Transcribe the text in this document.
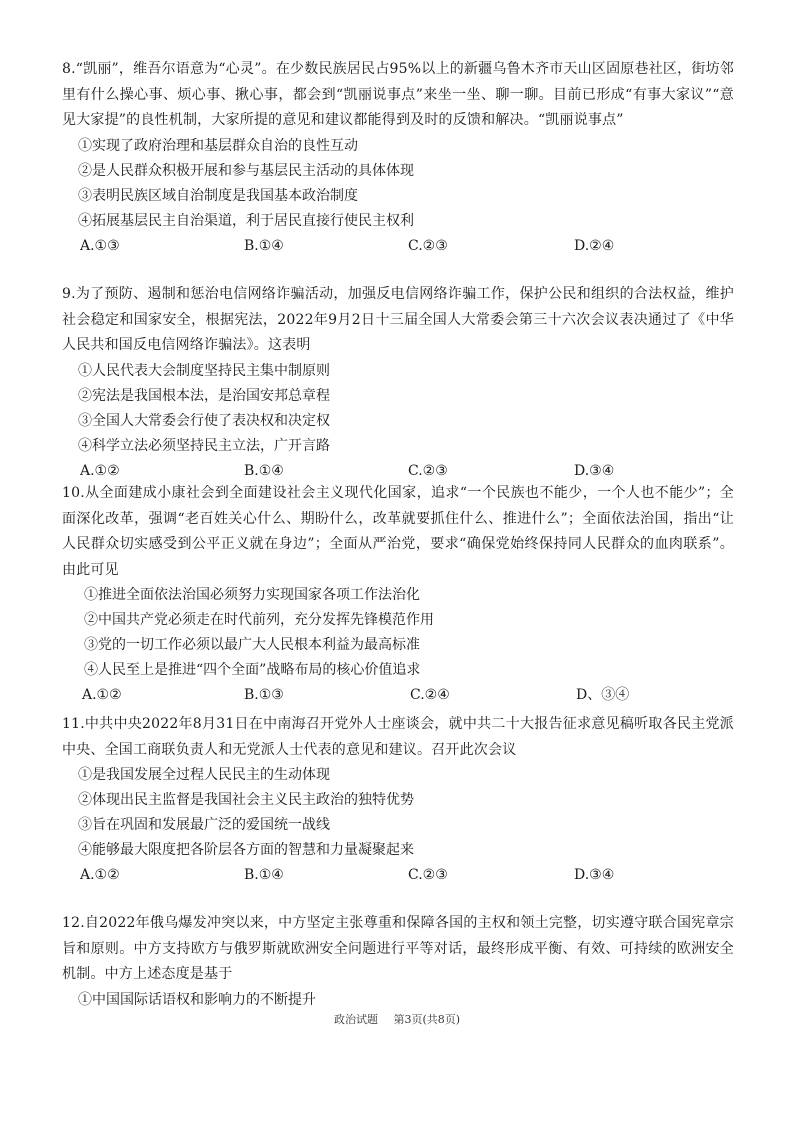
8.“凯丽”，维吾尔语意为“心灵”。在少数民族居民占95%以上的新疆乌鲁木齐市天山区固原巷社区，街坊邻里有什么操心事、烦心事、揪心事，都会到“凯丽说事点”来坐一坐、聊一聊。目前已形成“有事大家议”“意见大家提”的良性机制，大家所提的意见和建议都能得到及时的反馈和解决。“凯丽说事点”

①实现了政府治理和基层群众自治的良性互动

②是人民群众积极开展和参与基层民主活动的具体体现

③表明民族区域自治制度是我国基本政治制度

④拓展基层民主自治渠道，利于居民直接行使民主权利

A.①③	B.①④	C.②③	D.②④

9.为了预防、遏制和惩治电信网络诈骗活动，加强反电信网络诈骗工作，保护公民和组织的合法权益，维护社会稳定和国家安全，根据宪法，2022年9月2日十三届全国人大常委会第三十六次会议表决通过了《中华人民共和国反电信网络诈骗法》。这表明

①人民代表大会制度坚持民主集中制原则

②宪法是我国根本法，是治国安邦总章程

③全国人大常委会行使了表决权和决定权

④科学立法必须坚持民主立法，广开言路

A.①②	B.①④	C.②③	D.③④

10.从全面建成小康社会到全面建设社会主义现代化国家，追求“一个民族也不能少，一个人也不能少”；全面深化改革，强调“老百姓关心什么、期盼什么，改革就要抓住什么、推进什么”；全面依法治国，指出“让人民群众切实感受到公平正义就在身边”；全面从严治党，要求“确保党始终保持同人民群众的血肉联系”。由此可见

①推进全面依法治国必须努力实现国家各项工作法治化

②中国共产党必须走在时代前列，充分发挥先锋模范作用

③党的一切工作必须以最广大人民根本利益为最高标准

④人民至上是推进“四个全面”战略布局的核心价值追求

A.①②	B.①③	C.②④	D、③④

11.中共中央2022年8月31日在中南海召开党外人士座谈会，就中共二十大报告征求意见稿听取各民主党派中央、全国工商联负责人和无党派人士代表的意见和建议。召开此次会议

①是我国发展全过程人民民主的生动体现

②体现出民主监督是我国社会主义民主政治的独特优势

③旨在巩固和发展最广泛的爱国统一战线

④能够最大限度把各阶层各方面的智慧和力量凝聚起来

A.①②	B.①④	C.②③	D.③④

12.自2022年俄乌爆发冲突以来，中方坚定主张尊重和保障各国的主权和领土完整，切实遵守联合国宪章宗旨和原则。中方支持欧方与俄罗斯就欧洲安全问题进行平等对话，最终形成平衡、有效、可持续的欧洲安全机制。中方上述态度是基于

①中国国际话语权和影响力的不断提升

政治试题 第3页(共8页)
